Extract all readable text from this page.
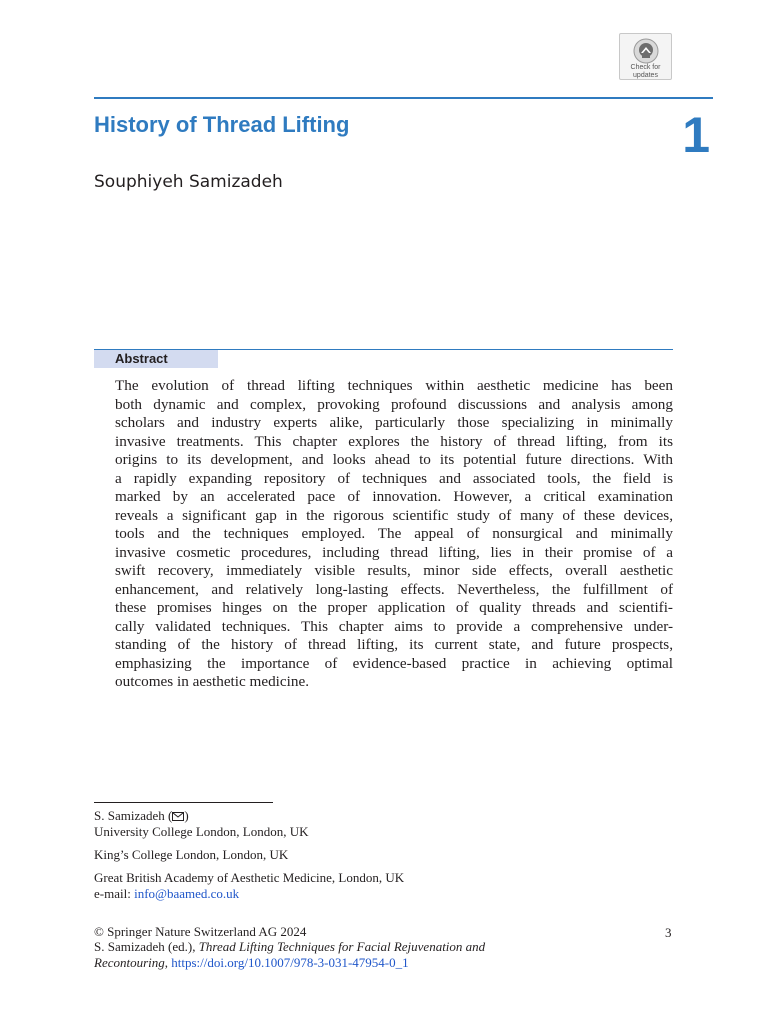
Check for
updates
History of Thread Lifting	1
Souphiyeh Samizadeh
Abstract
The evolution of thread lifting techniques within aesthetic medicine has been
both dynamic and complex, provoking profound discussions and analysis among
scholars and industry experts alike, particularly those specializing in minimally
invasive treatments. This chapter explores the history of thread lifting, from its
origins to its development, and looks ahead to its potential future directions. With
a rapidly expanding repository of techniques and associated tools, the field is
marked by an accelerated pace of innovation. However, a critical examination
reveals a significant gap in the rigorous scientific study of many of these devices,
tools and the techniques employed. The appeal of nonsurgical and minimally
invasive cosmetic procedures, including thread lifting, lies in their promise of a
swift recovery, immediately visible results, minor side effects, overall aesthetic
enhancement, and relatively long-lasting effects. Nevertheless, the fulfillment of
these promises hinges on the proper application of quality threads and scientifi-
cally validated techniques. This chapter aims to provide a comprehensive under-
standing of the history of thread lifting, its current state, and future prospects,
emphasizing the importance of evidence-based practice in achieving optimal
outcomes in aesthetic medicine.
S. Samizadeh ( )
University College London, London, UK
King’s College London, London, UK
Great British Academy of Aesthetic Medicine, London, UK
e-mail: info@baamed.co.uk
© Springer Nature Switzerland AG 2024
S. Samizadeh (ed.), Thread Lifting Techniques for Facial Rejuvenation and
Recontouring, https://doi.org/10.1007/978-3-031-47954-0_1
3
